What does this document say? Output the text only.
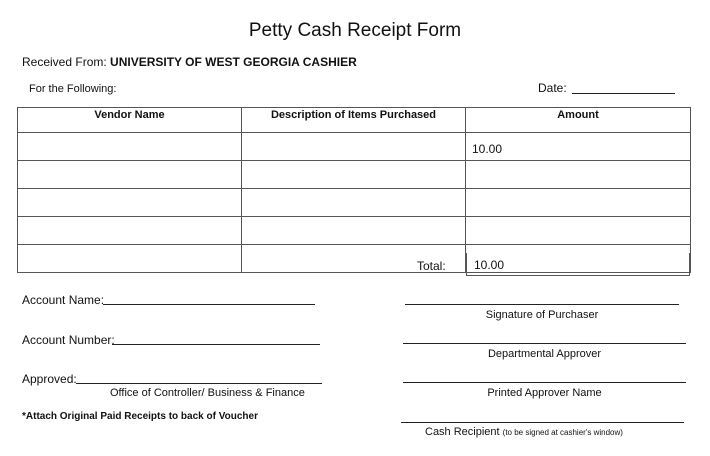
Petty Cash Receipt Form
Received From: UNIVERSITY OF WEST GEORGIA CASHIER
For the Following:	Date:
Vendor Name	Description of Items Purchased	Amount
		10.00

Total:	10.00
Account Name:
Account Number:
Approved:
Office of Controller/ Business & Finance
*Attach Original Paid Receipts to back of Voucher
Signature of Purchaser
Departmental Approver
Printed Approver Name
Cash Recipient (to be signed at cashier's window)
